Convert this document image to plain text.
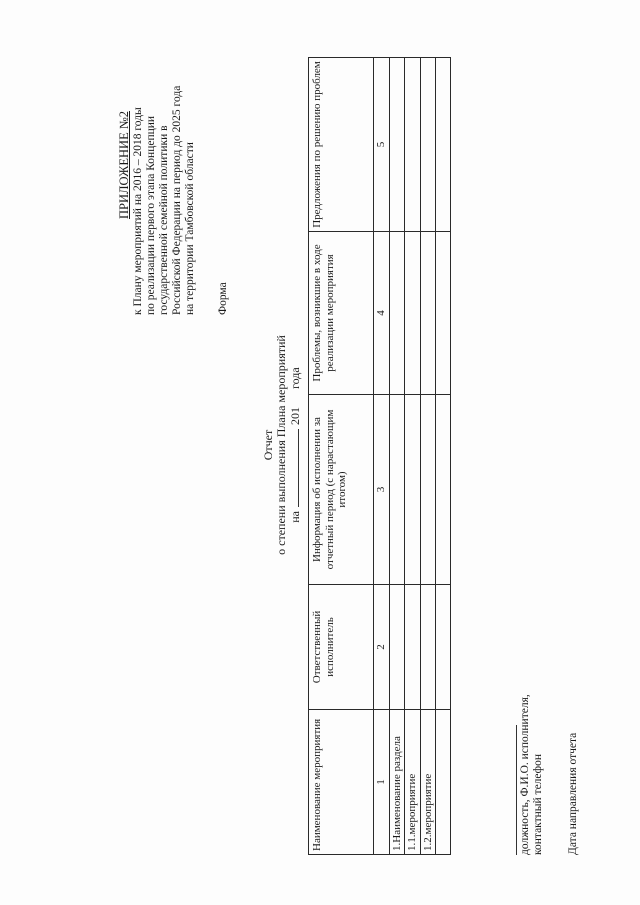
ПРИЛОЖЕНИЕ №2 к Плану мероприятий на 2016 – 2018 годы по реализации первого этапа Концепции государственной семейной политики в Российской Федерации на период до 2025 года на территории Тамбовской области Форма
Отчет о степени выполнения Плана мероприятий на
201
года
Наименование мероприятия	Ответственный исполнитель	Информация об исполнении за отчетный период (с нарастающим итогом)	Проблемы, возникшие в ходе реализации мероприятия	Предложения по решению проблем
1	2	3	4	5
1.Наименование раздела				
1.1.мероприятие				
1.2.мероприятие				
					должность, Ф.И.О. исполнителя, контактный телефон Дата направления отчета
